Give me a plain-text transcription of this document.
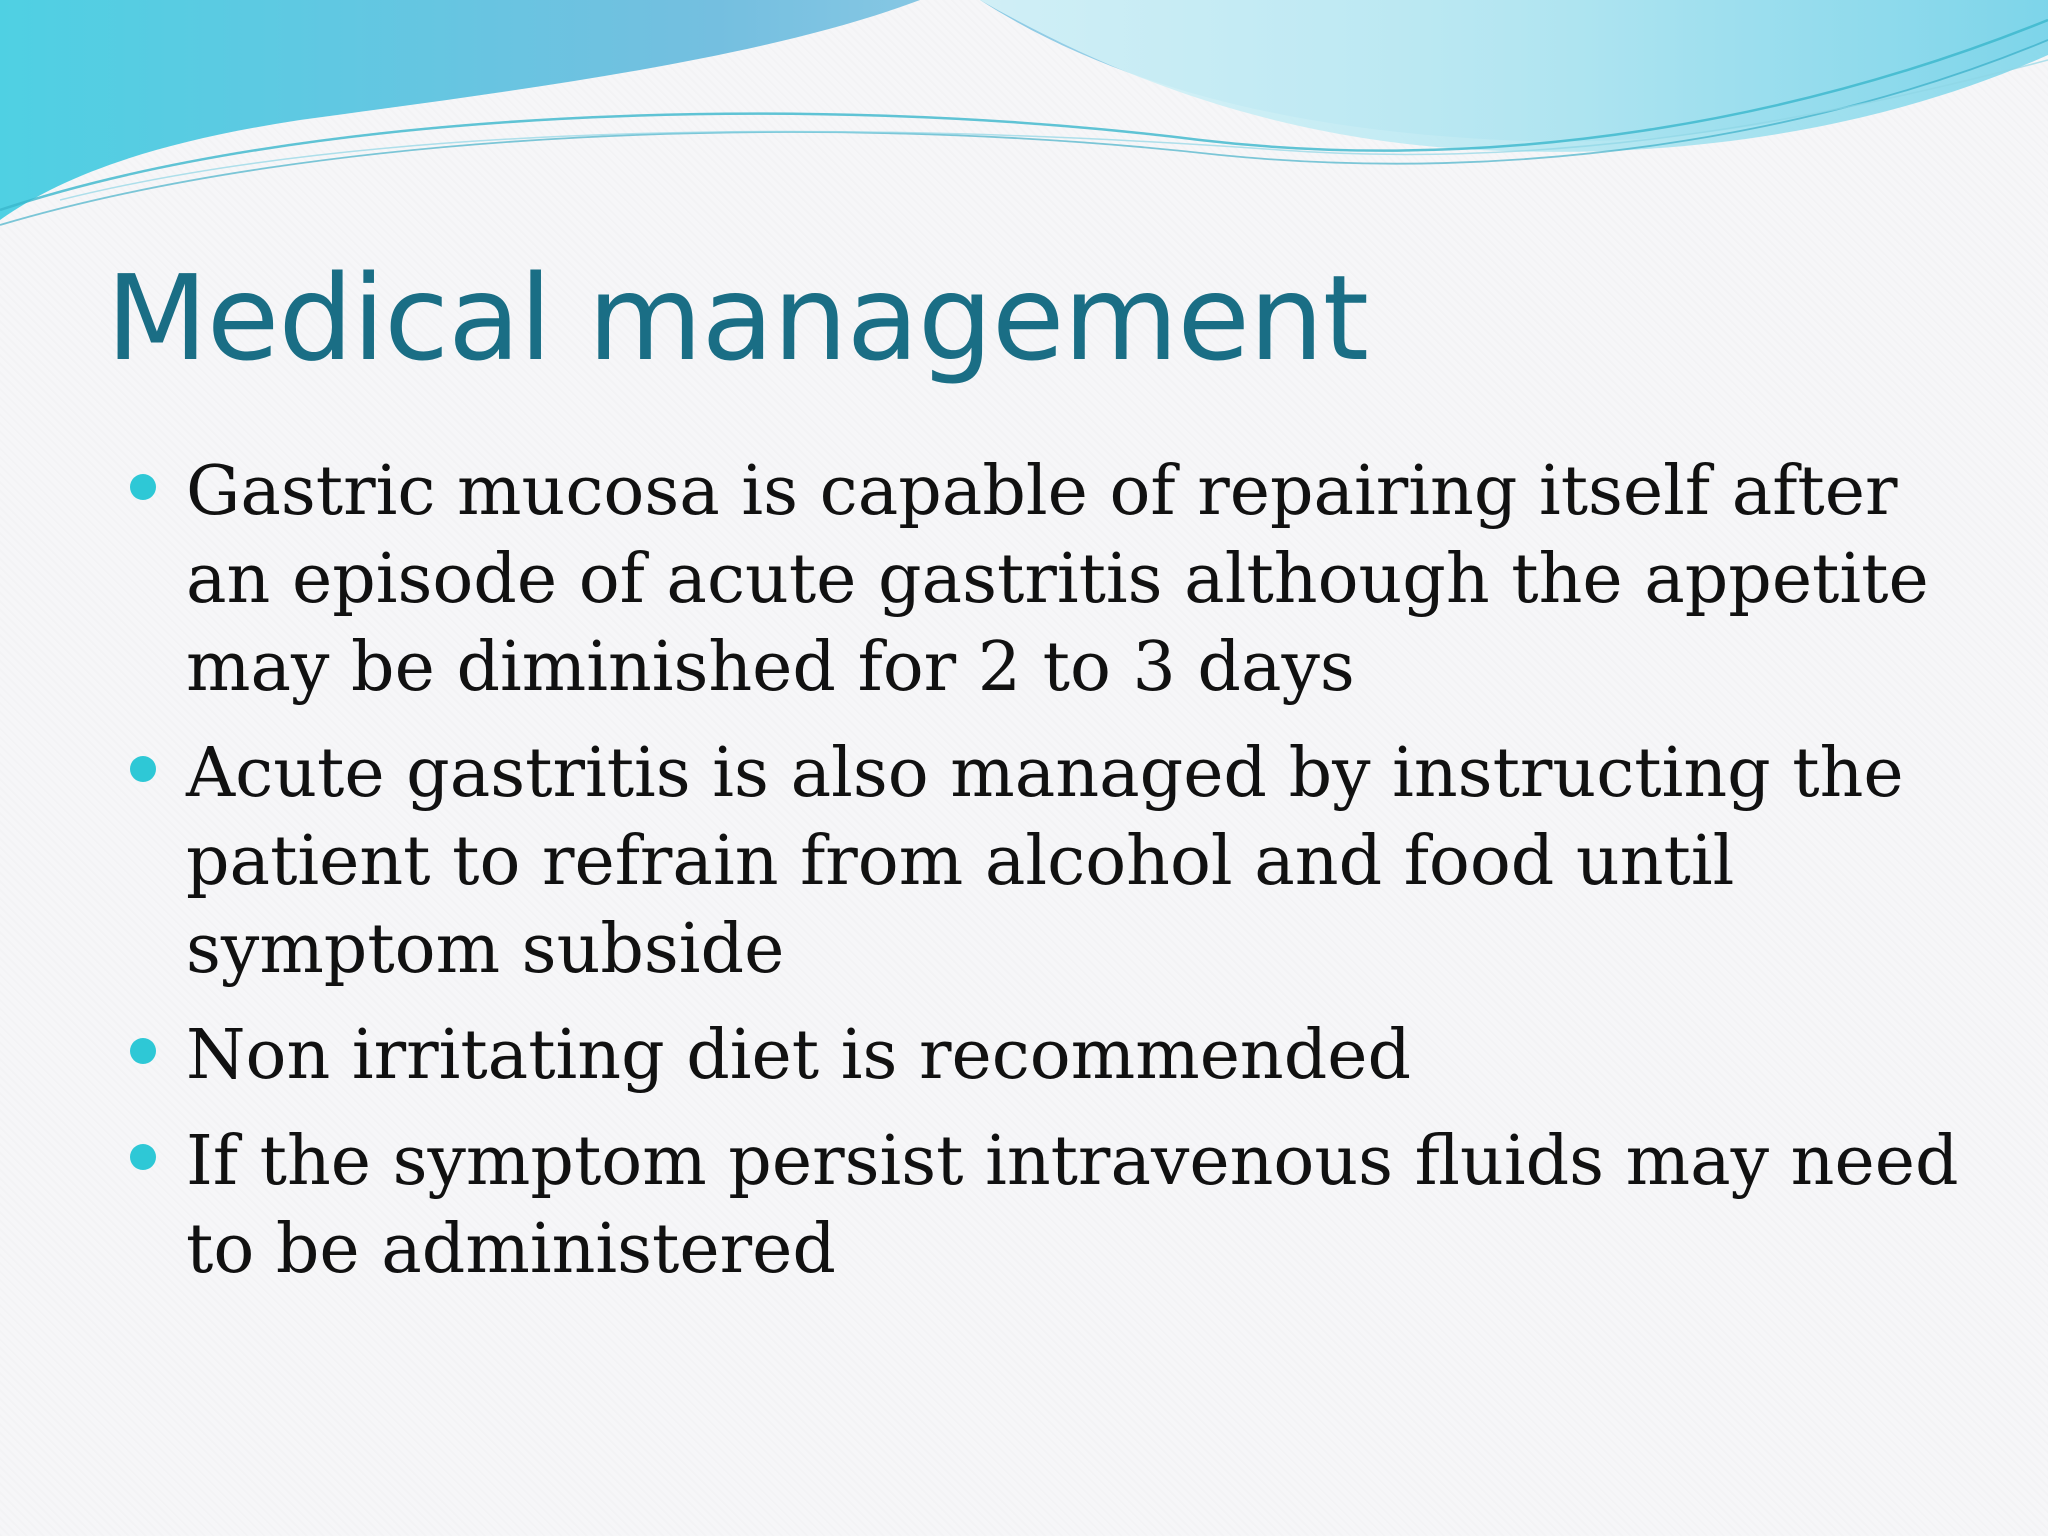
Medical management
Gastric mucosa is capable of repairing itself after an episode of acute gastritis although the appetite may be diminished for 2 to 3 days
Acute gastritis is also managed by instructing the patient to refrain from alcohol and food until symptom subside
Non irritating diet is recommended
If the symptom persist intravenous fluids may need to be administered
